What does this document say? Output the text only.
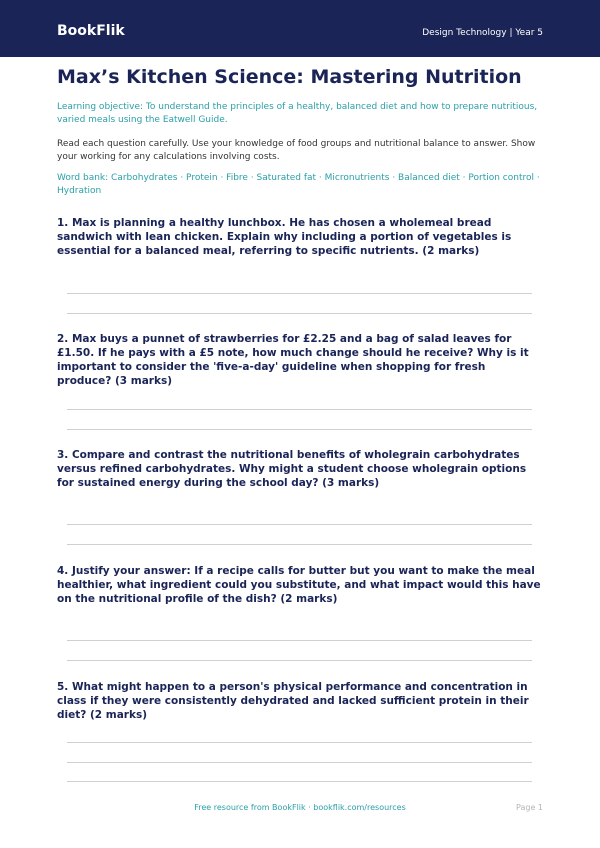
BookFlik	Design Technology | Year 5
Max’s Kitchen Science: Mastering Nutrition
Learning objective: To understand the principles of a healthy, balanced diet and how to prepare nutritious, varied meals using the Eatwell Guide.
Read each question carefully. Use your knowledge of food groups and nutritional balance to answer. Show your working for any calculations involving costs.
Word bank: Carbohydrates · Protein · Fibre · Saturated fat · Micronutrients · Balanced diet · Portion control · Hydration
1. Max is planning a healthy lunchbox. He has chosen a wholemeal bread sandwich with lean chicken. Explain why including a portion of vegetables is essential for a balanced meal, referring to specific nutrients. (2 marks)
2. Max buys a punnet of strawberries for £2.25 and a bag of salad leaves for £1.50. If he pays with a £5 note, how much change should he receive? Why is it important to consider the 'five-a-day' guideline when shopping for fresh produce? (3 marks)
3. Compare and contrast the nutritional benefits of wholegrain carbohydrates versus refined carbohydrates. Why might a student choose wholegrain options for sustained energy during the school day? (3 marks)
4. Justify your answer: If a recipe calls for butter but you want to make the meal healthier, what ingredient could you substitute, and what impact would this have on the nutritional profile of the dish? (2 marks)
5. What might happen to a person's physical performance and concentration in class if they were consistently dehydrated and lacked sufficient protein in their diet? (2 marks)
Free resource from BookFlik · bookflik.com/resources	Page 1
